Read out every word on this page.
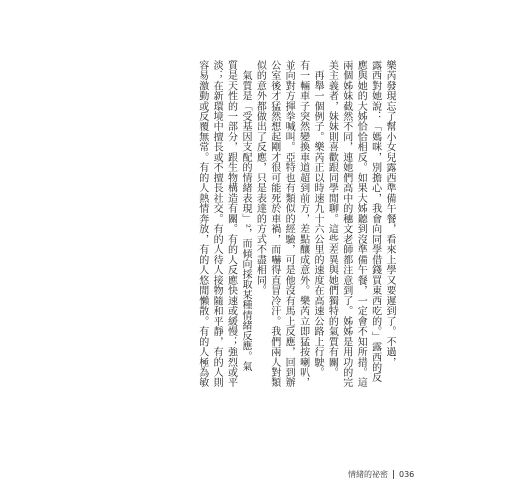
樂芮發現忘了幫小女兒露西準備午餐，看來上學又要遲到了。不過，
露西對她說：「媽咪，別擔心，我會向同學借錢買東西吃的。」露西的反
應與她的大姊恰恰相反。如果大姊聽到沒準備午餐，一定會不知所措。這
兩個姊妹截然不同，連她們高中的穗文老師都注意到了。姊姊是用功的完
美主義者，妹妹則喜歡跟同學閒聊。這些差異與她們獨特的氣質有關。
　再舉一個例子。樂芮正以時速九十六公里的速度在高速公路上行駛。
有一輛車子突然變換車道超到前方，差點釀成意外。樂芮立即猛按喇叭，
並向對方揮拳喊叫。亞特也有類似的經驗，可是他沒有馬上反應，回到辦
公室後才猛然想起剛才很可能死於車禍，而嚇得直冒冷汗。我們兩人對類
似的意外都做出了反應，只是表達的方式不盡相同。
　氣質是「受基因支配的情緒表現」²，而傾向採取某種情緒反應。氣
質是天性的一部分，跟生物構造有關。有的人反應快速或緩慢；強烈或平
淡；在新環境中擅長或不擅長社交。有的人待人接物隨和平靜，有的人則
容易激動或反覆無常。有的人熱情奔放，有的人悠閒懶散。有的人極為敏
情緒的祕密 036
